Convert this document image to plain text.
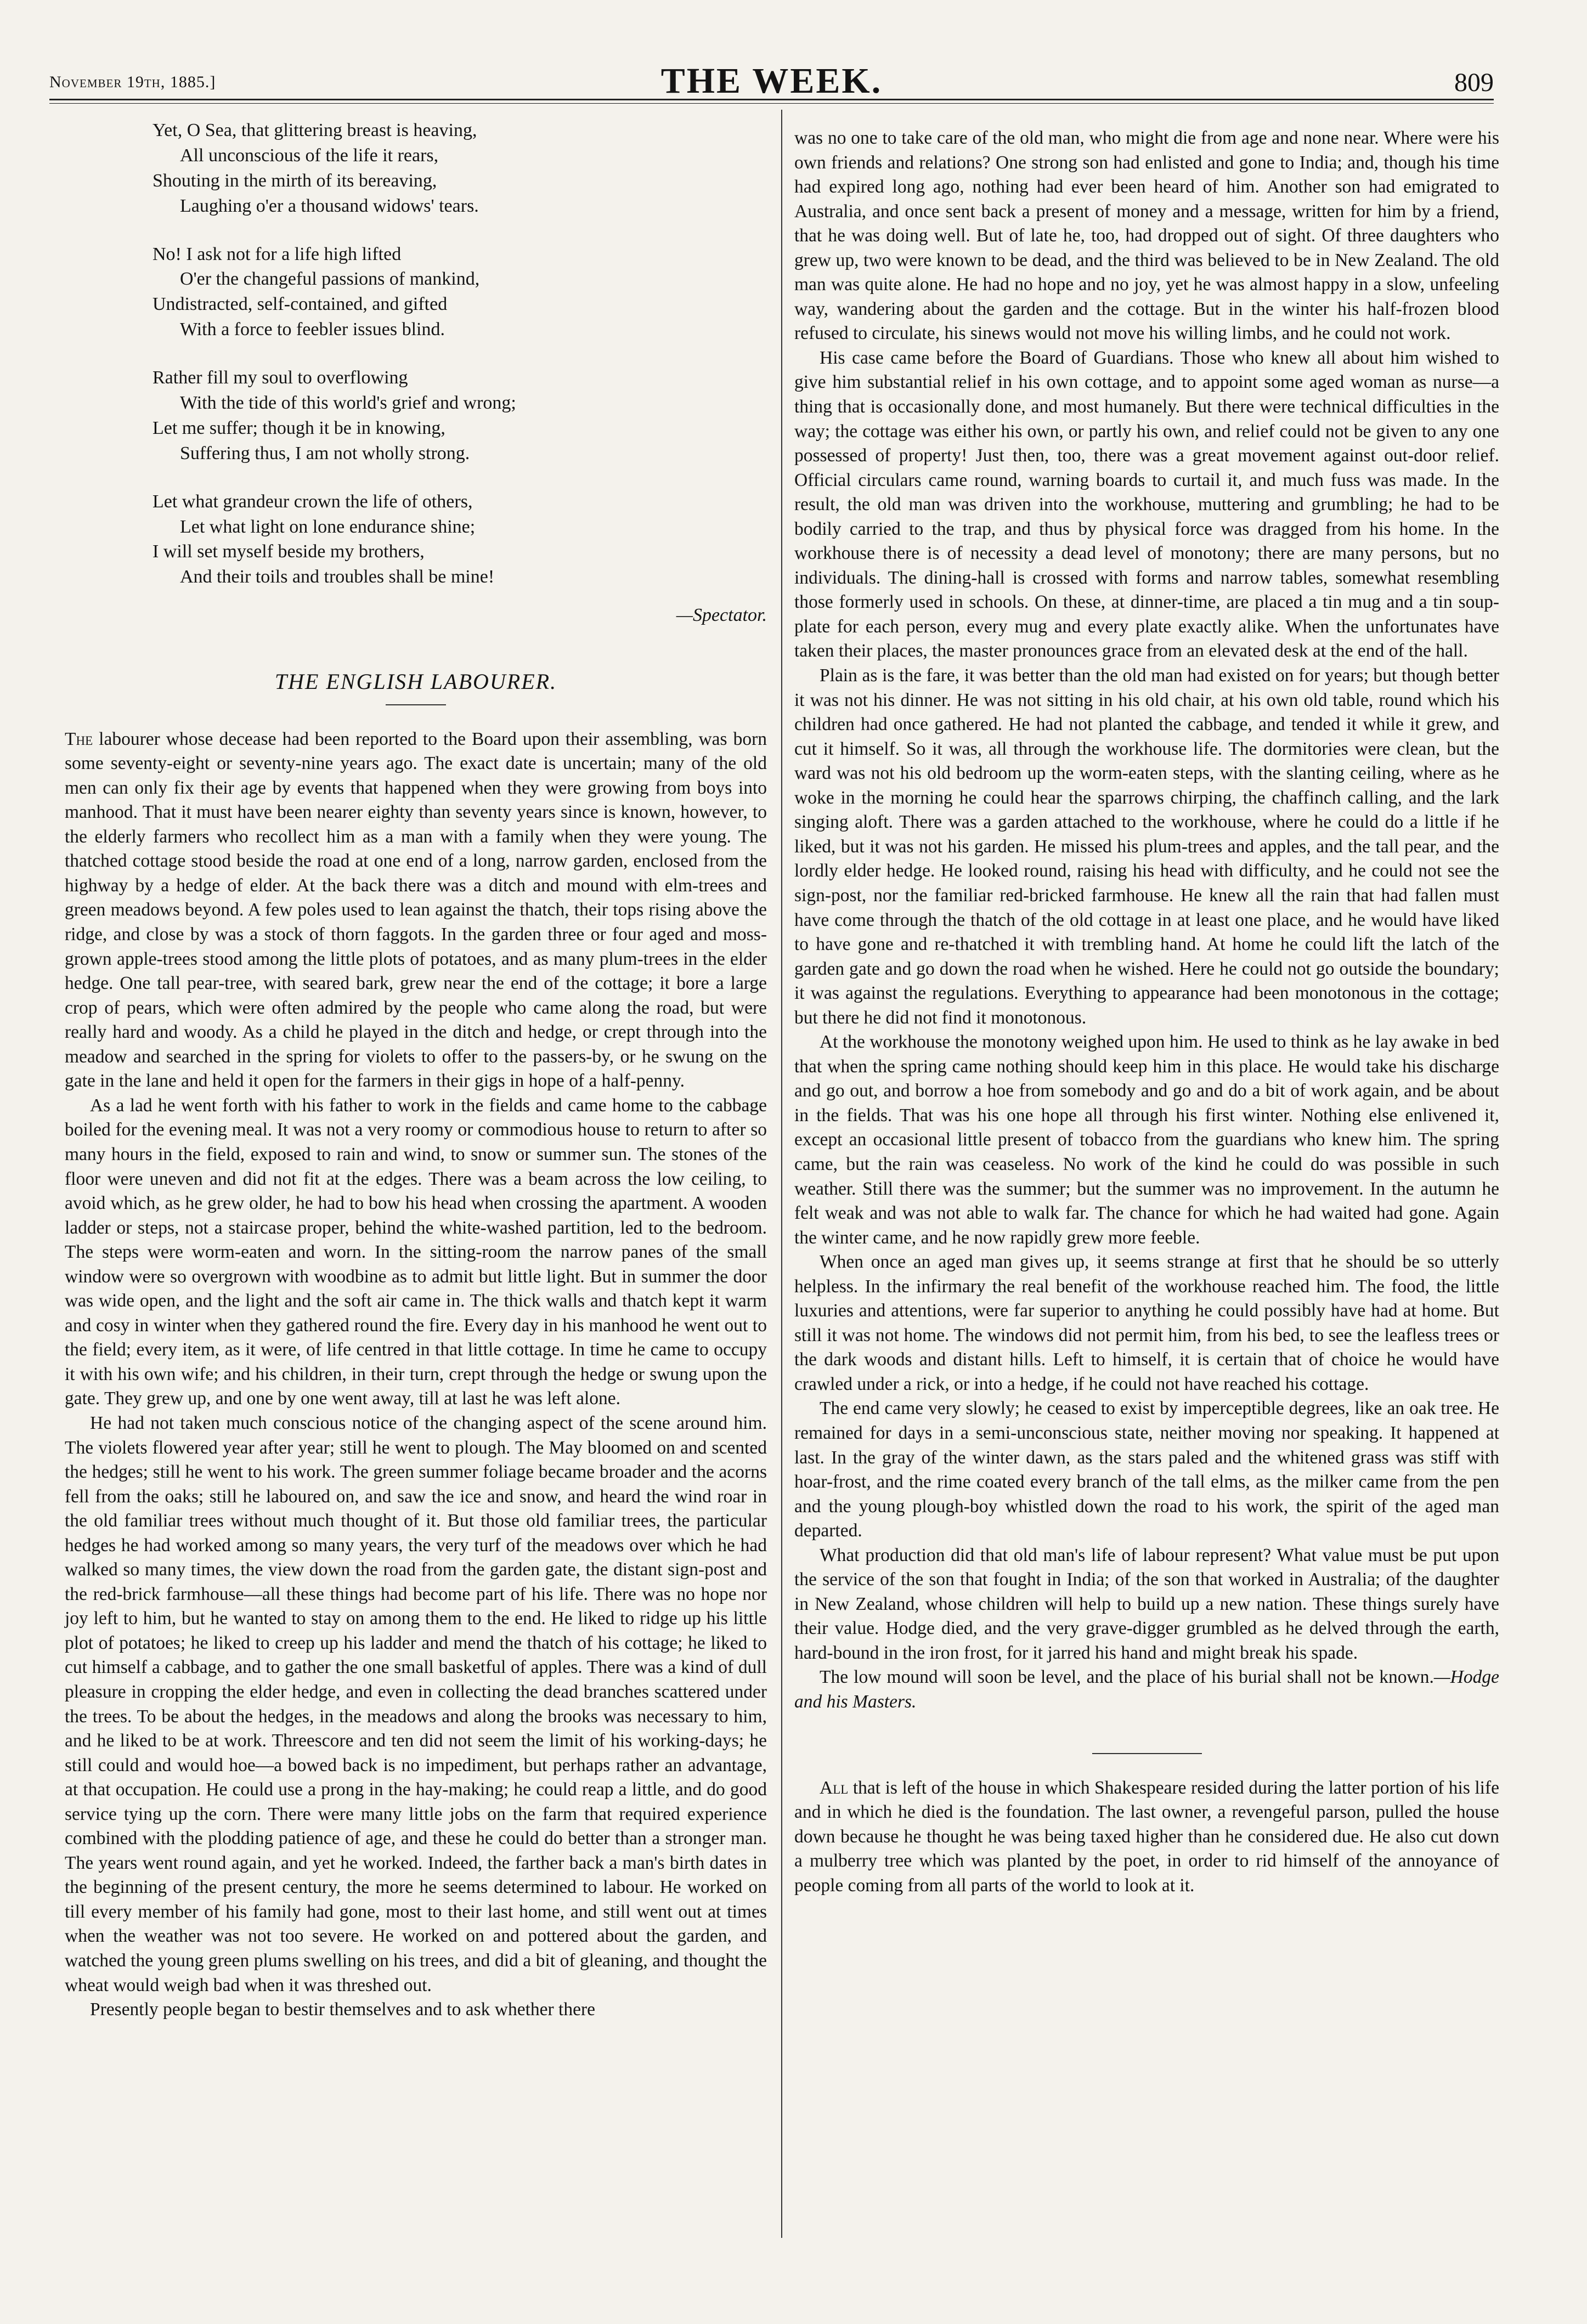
November 19th, 1885.]	THE WEEK.	809
Yet, O Sea, that glittering breast is heaving,
All unconscious of the life it rears,
Shouting in the mirth of its bereaving,
Laughing o'er a thousand widows' tears.
No! I ask not for a life high lifted
O'er the changeful passions of mankind,
Undistracted, self-contained, and gifted
With a force to feebler issues blind.
Rather fill my soul to overflowing
With the tide of this world's grief and wrong;
Let me suffer; though it be in knowing,
Suffering thus, I am not wholly strong.
Let what grandeur crown the life of others,
Let what light on lone endurance shine;
I will set myself beside my brothers,
And their toils and troubles shall be mine!
—Spectator.
THE ENGLISH LABOURER.

The labourer whose decease had been reported to the Board upon their assembling, was born some seventy-eight or seventy-nine years ago. The exact date is uncertain; many of the old men can only fix their age by events that happened when they were growing from boys into manhood. That it must have been nearer eighty than seventy years since is known, however, to the elderly farmers who recollect him as a man with a family when they were young. The thatched cottage stood beside the road at one end of a long, narrow garden, enclosed from the highway by a hedge of elder. At the back there was a ditch and mound with elm-trees and green meadows beyond. A few poles used to lean against the thatch, their tops rising above the ridge, and close by was a stock of thorn faggots. In the garden three or four aged and moss-grown apple-trees stood among the little plots of potatoes, and as many plum-trees in the elder hedge. One tall pear-tree, with seared bark, grew near the end of the cottage; it bore a large crop of pears, which were often admired by the people who came along the road, but were really hard and woody. As a child he played in the ditch and hedge, or crept through into the meadow and searched in the spring for violets to offer to the passers-by, or he swung on the gate in the lane and held it open for the farmers in their gigs in hope of a half-penny.

As a lad he went forth with his father to work in the fields and came home to the cabbage boiled for the evening meal. It was not a very roomy or commodious house to return to after so many hours in the field, exposed to rain and wind, to snow or summer sun. The stones of the floor were uneven and did not fit at the edges. There was a beam across the low ceiling, to avoid which, as he grew older, he had to bow his head when crossing the apartment. A wooden ladder or steps, not a staircase proper, behind the white-washed partition, led to the bedroom. The steps were worm-eaten and worn. In the sitting-room the narrow panes of the small window were so overgrown with woodbine as to admit but little light. But in summer the door was wide open, and the light and the soft air came in. The thick walls and thatch kept it warm and cosy in winter when they gathered round the fire. Every day in his manhood he went out to the field; every item, as it were, of life centred in that little cottage. In time he came to occupy it with his own wife; and his children, in their turn, crept through the hedge or swung upon the gate. They grew up, and one by one went away, till at last he was left alone.

He had not taken much conscious notice of the changing aspect of the scene around him. The violets flowered year after year; still he went to plough. The May bloomed on and scented the hedges; still he went to his work. The green summer foliage became broader and the acorns fell from the oaks; still he laboured on, and saw the ice and snow, and heard the wind roar in the old familiar trees without much thought of it. But those old familiar trees, the particular hedges he had worked among so many years, the very turf of the meadows over which he had walked so many times, the view down the road from the garden gate, the distant sign-post and the red-brick farmhouse—all these things had become part of his life. There was no hope nor joy left to him, but he wanted to stay on among them to the end. He liked to ridge up his little plot of potatoes; he liked to creep up his ladder and mend the thatch of his cottage; he liked to cut himself a cabbage, and to gather the one small basketful of apples. There was a kind of dull pleasure in cropping the elder hedge, and even in collecting the dead branches scattered under the trees. To be about the hedges, in the meadows and along the brooks was necessary to him, and he liked to be at work. Threescore and ten did not seem the limit of his working-days; he still could and would hoe—a bowed back is no impediment, but perhaps rather an advantage, at that occupation. He could use a prong in the hay-making; he could reap a little, and do good service tying up the corn. There were many little jobs on the farm that required experience combined with the plodding patience of age, and these he could do better than a stronger man. The years went round again, and yet he worked. Indeed, the farther back a man's birth dates in the beginning of the present century, the more he seems determined to labour. He worked on till every member of his family had gone, most to their last home, and still went out at times when the weather was not too severe. He worked on and pottered about the garden, and watched the young green plums swelling on his trees, and did a bit of gleaning, and thought the wheat would weigh bad when it was threshed out.

Presently people began to bestir themselves and to ask whether there

was no one to take care of the old man, who might die from age and none near. Where were his own friends and relations? One strong son had enlisted and gone to India; and, though his time had expired long ago, nothing had ever been heard of him. Another son had emigrated to Australia, and once sent back a present of money and a message, written for him by a friend, that he was doing well. But of late he, too, had dropped out of sight. Of three daughters who grew up, two were known to be dead, and the third was believed to be in New Zealand. The old man was quite alone. He had no hope and no joy, yet he was almost happy in a slow, unfeeling way, wandering about the garden and the cottage. But in the winter his half-frozen blood refused to circulate, his sinews would not move his willing limbs, and he could not work.

His case came before the Board of Guardians. Those who knew all about him wished to give him substantial relief in his own cottage, and to appoint some aged woman as nurse—a thing that is occasionally done, and most humanely. But there were technical difficulties in the way; the cottage was either his own, or partly his own, and relief could not be given to any one possessed of property! Just then, too, there was a great movement against out-door relief. Official circulars came round, warning boards to curtail it, and much fuss was made. In the result, the old man was driven into the workhouse, muttering and grumbling; he had to be bodily carried to the trap, and thus by physical force was dragged from his home. In the workhouse there is of necessity a dead level of monotony; there are many persons, but no individuals. The dining-hall is crossed with forms and narrow tables, somewhat resembling those formerly used in schools. On these, at dinner-time, are placed a tin mug and a tin soup-plate for each person, every mug and every plate exactly alike. When the unfortunates have taken their places, the master pronounces grace from an elevated desk at the end of the hall.

Plain as is the fare, it was better than the old man had existed on for years; but though better it was not his dinner. He was not sitting in his old chair, at his own old table, round which his children had once gathered. He had not planted the cabbage, and tended it while it grew, and cut it himself. So it was, all through the workhouse life. The dormitories were clean, but the ward was not his old bedroom up the worm-eaten steps, with the slanting ceiling, where as he woke in the morning he could hear the sparrows chirping, the chaffinch calling, and the lark singing aloft. There was a garden attached to the workhouse, where he could do a little if he liked, but it was not his garden. He missed his plum-trees and apples, and the tall pear, and the lordly elder hedge. He looked round, raising his head with difficulty, and he could not see the sign-post, nor the familiar red-bricked farmhouse. He knew all the rain that had fallen must have come through the thatch of the old cottage in at least one place, and he would have liked to have gone and re-thatched it with trembling hand. At home he could lift the latch of the garden gate and go down the road when he wished. Here he could not go outside the boundary; it was against the regulations. Everything to appearance had been monotonous in the cottage; but there he did not find it monotonous.

At the workhouse the monotony weighed upon him. He used to think as he lay awake in bed that when the spring came nothing should keep him in this place. He would take his discharge and go out, and borrow a hoe from somebody and go and do a bit of work again, and be about in the fields. That was his one hope all through his first winter. Nothing else enlivened it, except an occasional little present of tobacco from the guardians who knew him. The spring came, but the rain was ceaseless. No work of the kind he could do was possible in such weather. Still there was the summer; but the summer was no improvement. In the autumn he felt weak and was not able to walk far. The chance for which he had waited had gone. Again the winter came, and he now rapidly grew more feeble.

When once an aged man gives up, it seems strange at first that he should be so utterly helpless. In the infirmary the real benefit of the workhouse reached him. The food, the little luxuries and attentions, were far superior to anything he could possibly have had at home. But still it was not home. The windows did not permit him, from his bed, to see the leafless trees or the dark woods and distant hills. Left to himself, it is certain that of choice he would have crawled under a rick, or into a hedge, if he could not have reached his cottage.

The end came very slowly; he ceased to exist by imperceptible degrees, like an oak tree. He remained for days in a semi-unconscious state, neither moving nor speaking. It happened at last. In the gray of the winter dawn, as the stars paled and the whitened grass was stiff with hoar-frost, and the rime coated every branch of the tall elms, as the milker came from the pen and the young plough-boy whistled down the road to his work, the spirit of the aged man departed.

What production did that old man's life of labour represent? What value must be put upon the service of the son that fought in India; of the son that worked in Australia; of the daughter in New Zealand, whose children will help to build up a new nation. These things surely have their value. Hodge died, and the very grave-digger grumbled as he delved through the earth, hard-bound in the iron frost, for it jarred his hand and might break his spade.

The low mound will soon be level, and the place of his burial shall not be known.—Hodge and his Masters.

All that is left of the house in which Shakespeare resided during the latter portion of his life and in which he died is the foundation. The last owner, a revengeful parson, pulled the house down because he thought he was being taxed higher than he considered due. He also cut down a mulberry tree which was planted by the poet, in order to rid himself of the annoyance of people coming from all parts of the world to look at it.
